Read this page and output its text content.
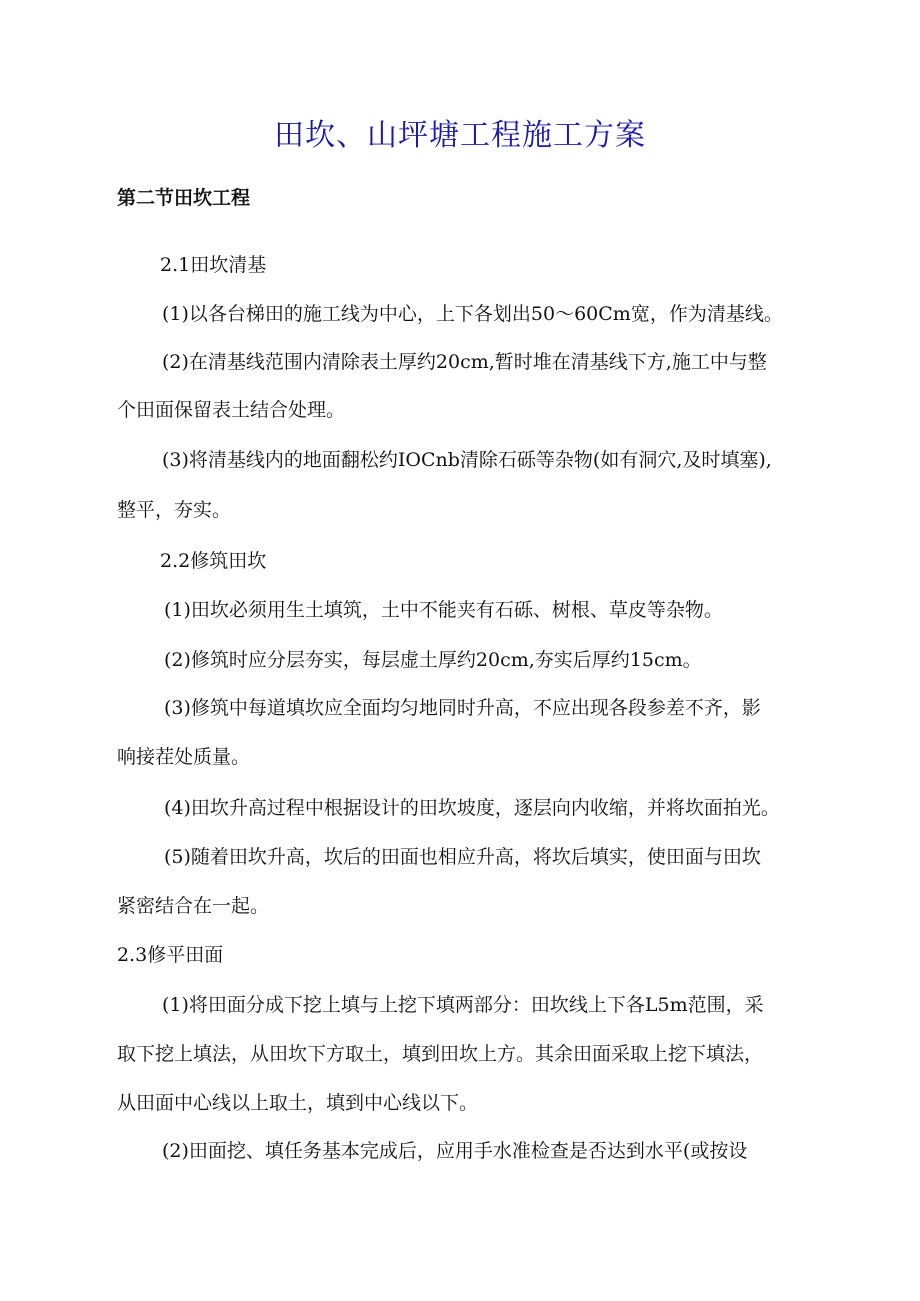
田坎、山坪塘工程施工方案
第二节田坎工程
2.1田坎清基
(1)以各台梯田的施工线为中心，上下各划出50～60Cm宽，作为清基线。
(2)在清基线范围内清除表土厚约20cm,暂时堆在清基线下方,施工中与整
个田面保留表土结合处理。
(3)将清基线内的地面翻松约IOCnb清除石砾等杂物(如有洞穴,及时填塞),
整平，夯实。
2.2修筑田坎
(1)田坎必须用生土填筑，土中不能夹有石砾、树根、草皮等杂物。
(2)修筑时应分层夯实，每层虚土厚约20cm,夯实后厚约15cm。
(3)修筑中每道填坎应全面均匀地同时升高，不应出现各段参差不齐，影
响接茬处质量。
(4)田坎升高过程中根据设计的田坎坡度，逐层向内收缩，并将坎面拍光。
(5)随着田坎升高，坎后的田面也相应升高，将坎后填实，使田面与田坎
紧密结合在一起。
2.3修平田面
(1)将田面分成下挖上填与上挖下填两部分：田坎线上下各L5m范围，采
取下挖上填法，从田坎下方取土，填到田坎上方。其余田面采取上挖下填法，
从田面中心线以上取土，填到中心线以下。
(2)田面挖、填任务基本完成后，应用手水准检查是否达到水平(或按设
